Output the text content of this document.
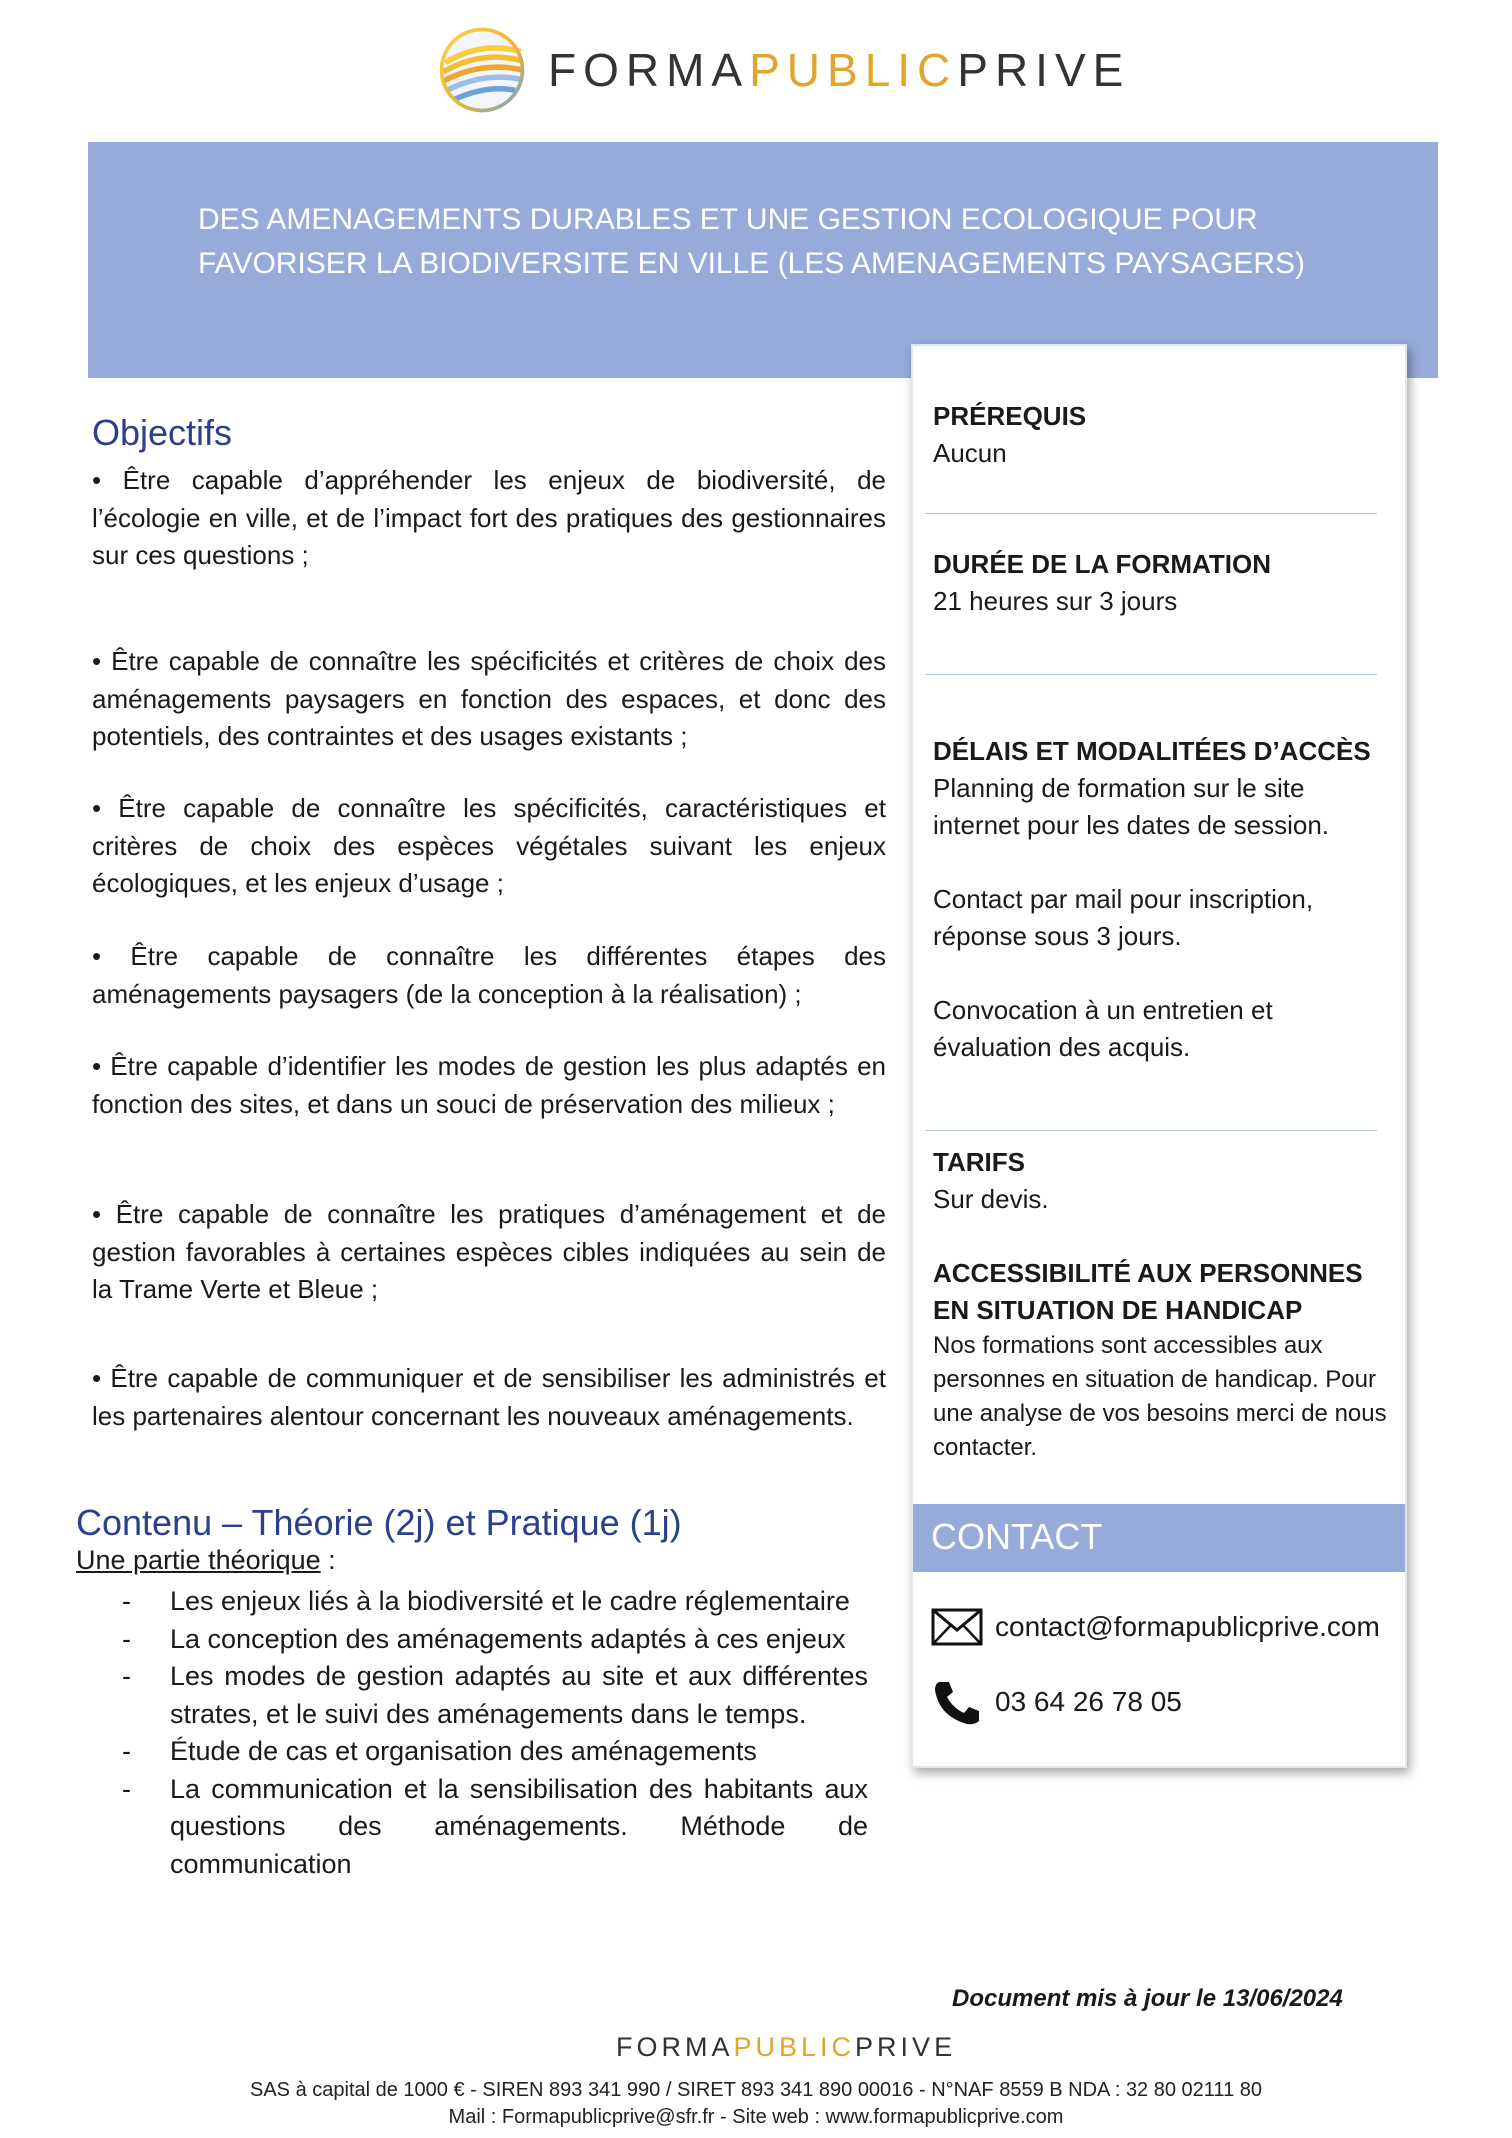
FORMAPUBLICPRIVE
DES AMENAGEMENTS DURABLES ET UNE GESTION ECOLOGIQUE POUR FAVORISER LA BIODIVERSITE EN VILLE (LES AMENAGEMENTS PAYSAGERS)
Objectifs
• Être capable d’appréhender les enjeux de biodiversité, de l’écologie en ville, et de l’impact fort des pratiques des gestionnaires sur ces questions ;
• Être capable de connaître les spécificités et critères de choix des aménagements paysagers en fonction des espaces, et donc des potentiels, des contraintes et des usages existants ;
• Être capable de connaître les spécificités, caractéristiques et critères de choix des espèces végétales suivant les enjeux écologiques, et les enjeux d’usage ;
• Être capable de connaître les différentes étapes des aménagements paysagers (de la conception à la réalisation) ;
• Être capable d’identifier les modes de gestion les plus adaptés en fonction des sites, et dans un souci de préservation des milieux ;
• Être capable de connaître les pratiques d’aménagement et de gestion favorables à certaines espèces cibles indiquées au sein de la Trame Verte et Bleue ;
• Être capable de communiquer et de sensibiliser les administrés et les partenaires alentour concernant les nouveaux aménagements.
Contenu – Théorie (2j) et Pratique (1j)
Une partie théorique :
- Les enjeux liés à la biodiversité et le cadre réglementaire
- La conception des aménagements adaptés à ces enjeux
- Les modes de gestion adaptés au site et aux différentes strates, et le suivi des aménagements dans le temps.
- Étude de cas et organisation des aménagements
- La communication et la sensibilisation des habitants aux questions des aménagements. Méthode de communication
PRÉREQUIS
Aucun
DURÉE DE LA FORMATION
21 heures sur 3 jours
DÉLAIS ET MODALITÉES D’ACCÈS
Planning de formation sur le site internet pour les dates de session.
Contact par mail pour inscription, réponse sous 3 jours.
Convocation à un entretien et évaluation des acquis.
TARIFS
Sur devis.
ACCESSIBILITÉ AUX PERSONNES EN SITUATION DE HANDICAP
Nos formations sont accessibles aux personnes en situation de handicap. Pour une analyse de vos besoins merci de nous contacter.
CONTACT
contact@formapublicprive.com
03 64 26 78 05
Document mis à jour le 13/06/2024
FORMAPUBLICPRIVE
SAS à capital de 1000 € - SIREN 893 341 990 / SIRET 893 341 890 00016 - N°NAF 8559 B NDA : 32 80 02111 80
Mail : Formapublicprive@sfr.fr - Site web : www.formapublicprive.com
